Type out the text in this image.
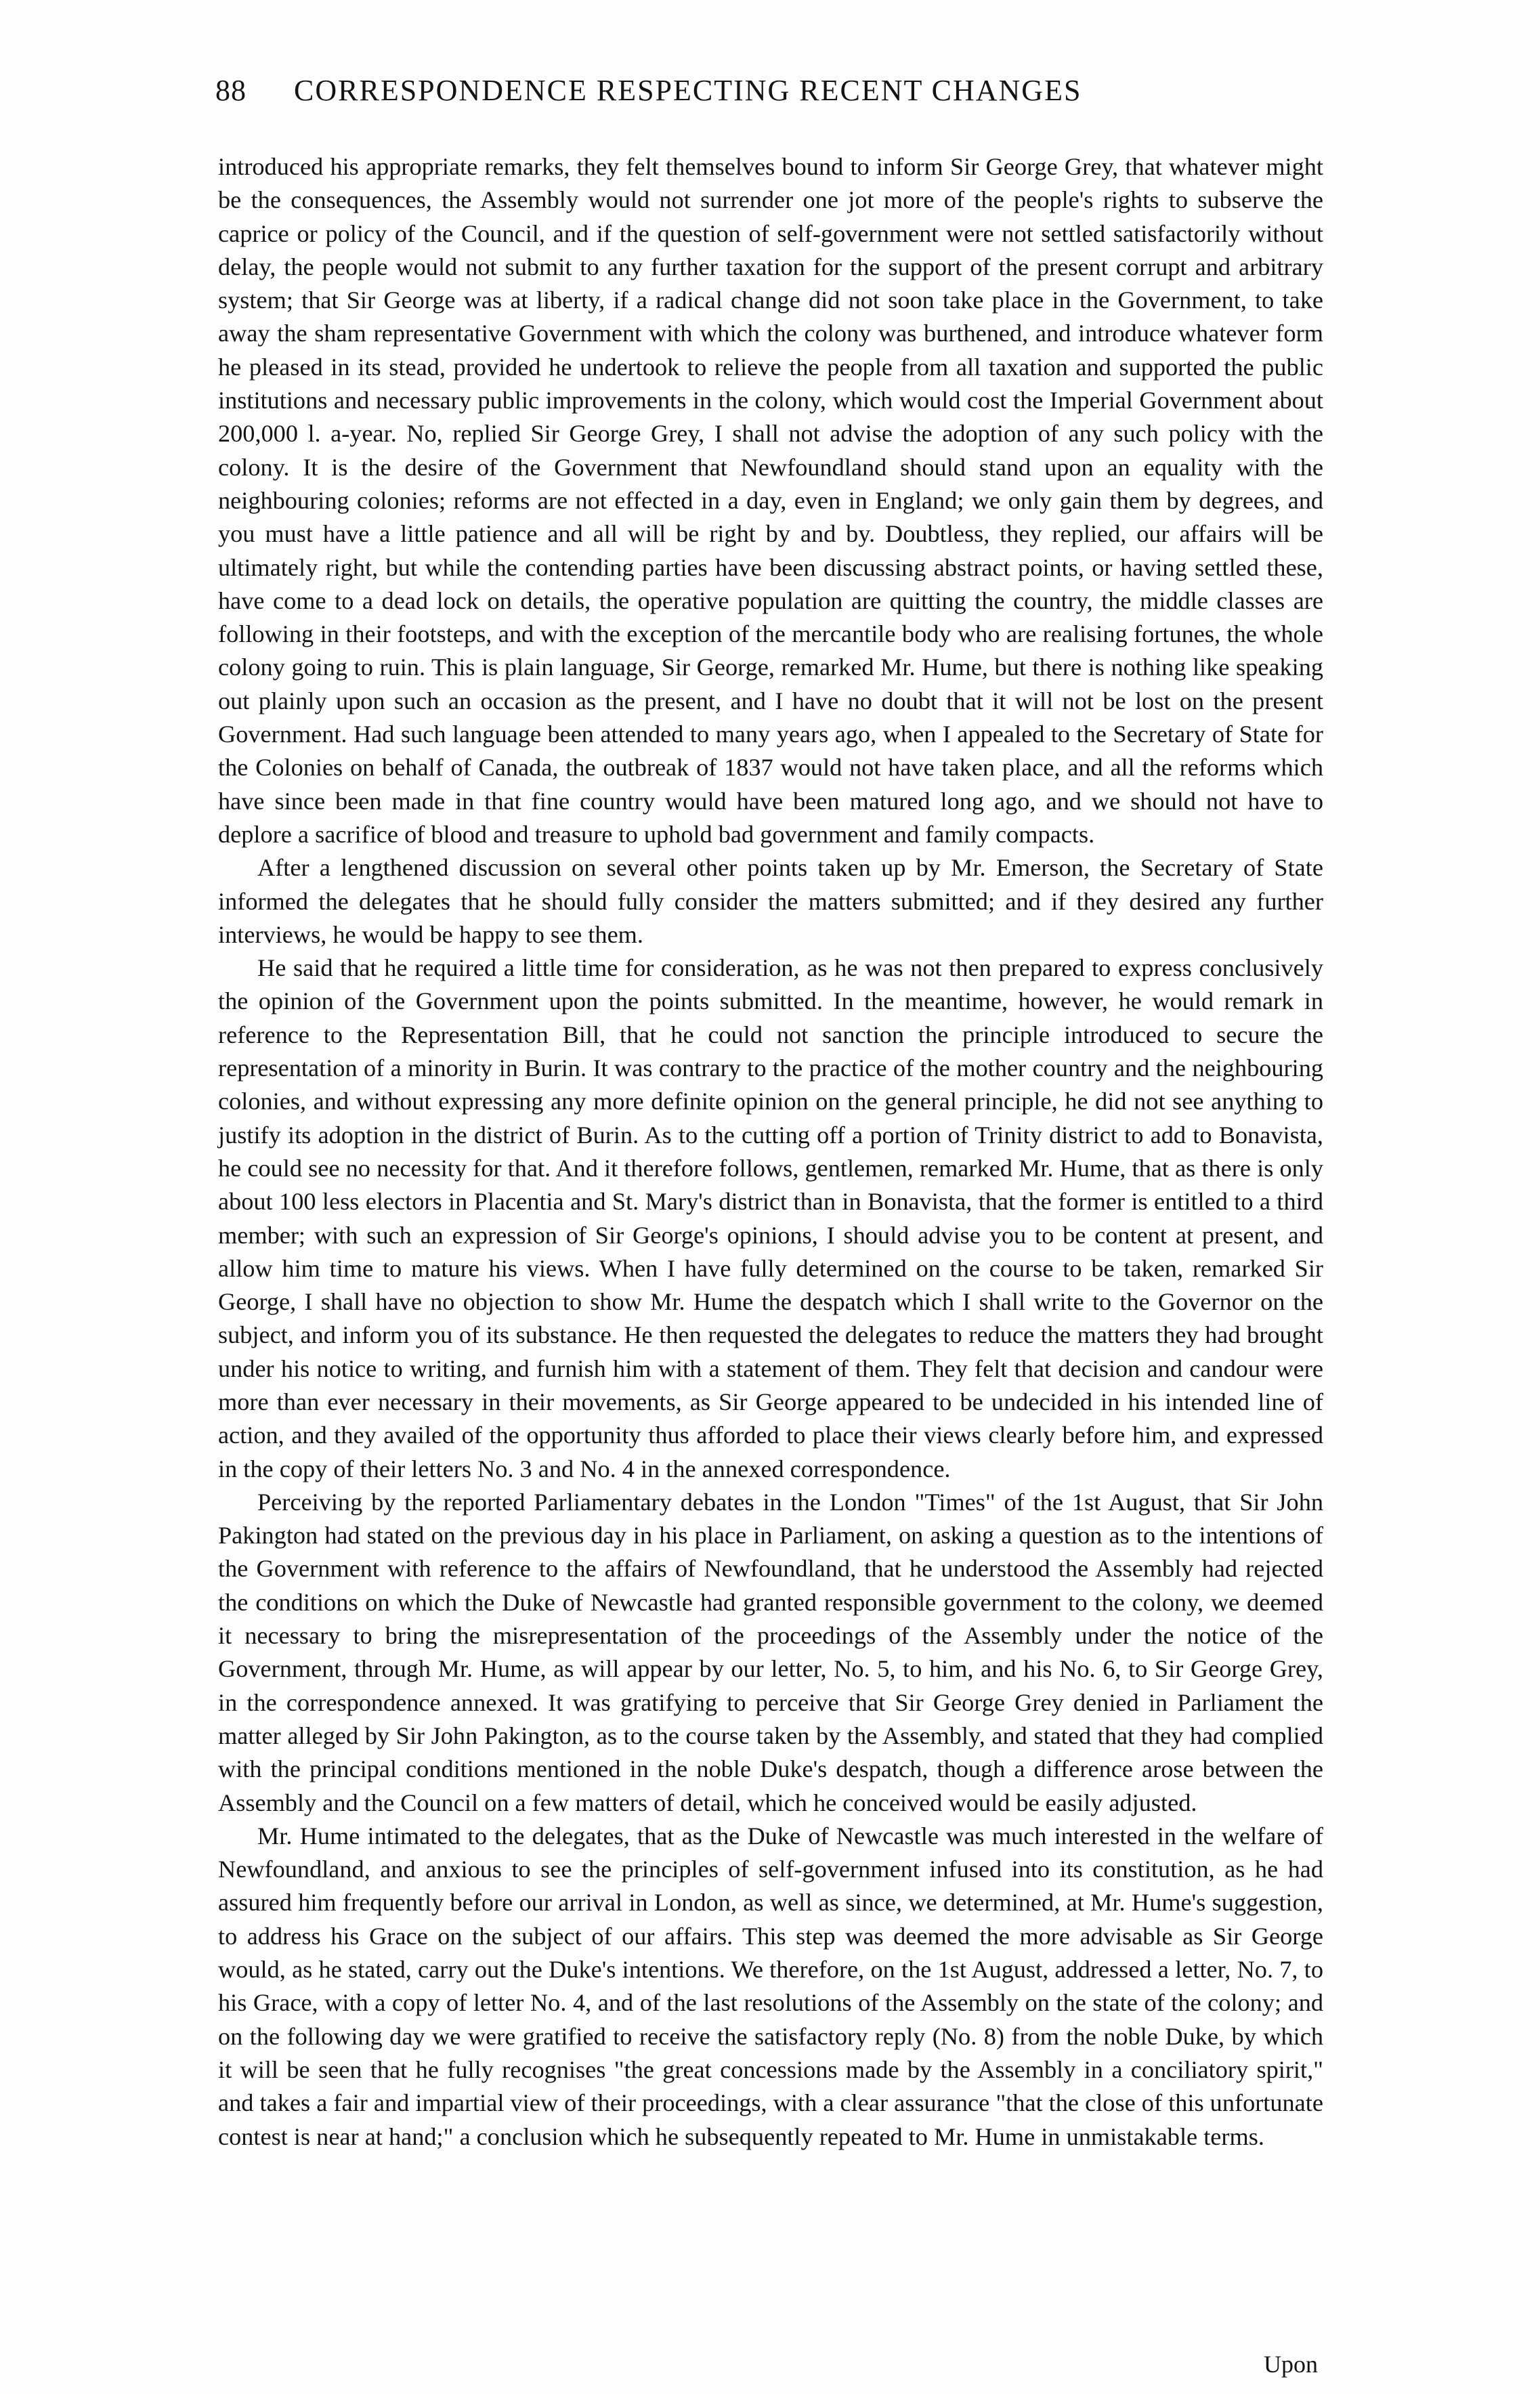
88 CORRESPONDENCE RESPECTING RECENT CHANGES

introduced his appropriate remarks, they felt themselves bound to inform Sir George Grey, that whatever might be the consequences, the Assembly would not surrender one jot more of the people's rights to subserve the caprice or policy of the Council, and if the question of self-government were not settled satisfactorily without delay, the people would not submit to any further taxation for the support of the present corrupt and arbitrary system; that Sir George was at liberty, if a radical change did not soon take place in the Government, to take away the sham representative Government with which the colony was burthened, and introduce whatever form he pleased in its stead, provided he undertook to relieve the people from all taxation and supported the public institutions and necessary public improvements in the colony, which would cost the Imperial Government about 200,000 l. a-year. No, replied Sir George Grey, I shall not advise the adoption of any such policy with the colony. It is the desire of the Government that Newfoundland should stand upon an equality with the neighbouring colonies; reforms are not effected in a day, even in England; we only gain them by degrees, and you must have a little patience and all will be right by and by. Doubtless, they replied, our affairs will be ultimately right, but while the contending parties have been discussing abstract points, or having settled these, have come to a dead lock on details, the operative population are quitting the country, the middle classes are following in their footsteps, and with the exception of the mercantile body who are realising fortunes, the whole colony going to ruin. This is plain language, Sir George, remarked Mr. Hume, but there is nothing like speaking out plainly upon such an occasion as the present, and I have no doubt that it will not be lost on the present Government. Had such language been attended to many years ago, when I appealed to the Secretary of State for the Colonies on behalf of Canada, the outbreak of 1837 would not have taken place, and all the reforms which have since been made in that fine country would have been matured long ago, and we should not have to deplore a sacrifice of blood and treasure to uphold bad government and family compacts.

After a lengthened discussion on several other points taken up by Mr. Emerson, the Secretary of State informed the delegates that he should fully consider the matters submitted; and if they desired any further interviews, he would be happy to see them.

He said that he required a little time for consideration, as he was not then prepared to express conclusively the opinion of the Government upon the points submitted. In the meantime, however, he would remark in reference to the Representation Bill, that he could not sanction the principle introduced to secure the representation of a minority in Burin. It was contrary to the practice of the mother country and the neighbouring colonies, and without expressing any more definite opinion on the general principle, he did not see anything to justify its adoption in the district of Burin. As to the cutting off a portion of Trinity district to add to Bonavista, he could see no necessity for that. And it therefore follows, gentlemen, remarked Mr. Hume, that as there is only about 100 less electors in Placentia and St. Mary's district than in Bonavista, that the former is entitled to a third member; with such an expression of Sir George's opinions, I should advise you to be content at present, and allow him time to mature his views. When I have fully determined on the course to be taken, remarked Sir George, I shall have no objection to show Mr. Hume the despatch which I shall write to the Governor on the subject, and inform you of its substance. He then requested the delegates to reduce the matters they had brought under his notice to writing, and furnish him with a statement of them. They felt that decision and candour were more than ever necessary in their movements, as Sir George appeared to be undecided in his intended line of action, and they availed of the opportunity thus afforded to place their views clearly before him, and expressed in the copy of their letters No. 3 and No. 4 in the annexed correspondence.

Perceiving by the reported Parliamentary debates in the London "Times" of the 1st August, that Sir John Pakington had stated on the previous day in his place in Parliament, on asking a question as to the intentions of the Government with reference to the affairs of Newfoundland, that he understood the Assembly had rejected the conditions on which the Duke of Newcastle had granted responsible government to the colony, we deemed it necessary to bring the misrepresentation of the proceedings of the Assembly under the notice of the Government, through Mr. Hume, as will appear by our letter, No. 5, to him, and his No. 6, to Sir George Grey, in the correspondence annexed. It was gratifying to perceive that Sir George Grey denied in Parliament the matter alleged by Sir John Pakington, as to the course taken by the Assembly, and stated that they had complied with the principal conditions mentioned in the noble Duke's despatch, though a difference arose between the Assembly and the Council on a few matters of detail, which he conceived would be easily adjusted.

Mr. Hume intimated to the delegates, that as the Duke of Newcastle was much interested in the welfare of Newfoundland, and anxious to see the principles of self-government infused into its constitution, as he had assured him frequently before our arrival in London, as well as since, we determined, at Mr. Hume's suggestion, to address his Grace on the subject of our affairs. This step was deemed the more advisable as Sir George would, as he stated, carry out the Duke's intentions. We therefore, on the 1st August, addressed a letter, No. 7, to his Grace, with a copy of letter No. 4, and of the last resolutions of the Assembly on the state of the colony; and on the following day we were gratified to receive the satisfactory reply (No. 8) from the noble Duke, by which it will be seen that he fully recognises "the great concessions made by the Assembly in a conciliatory spirit," and takes a fair and impartial view of their proceedings, with a clear assurance "that the close of this unfortunate contest is near at hand;" a conclusion which he subsequently repeated to Mr. Hume in unmistakable terms.

Upon
